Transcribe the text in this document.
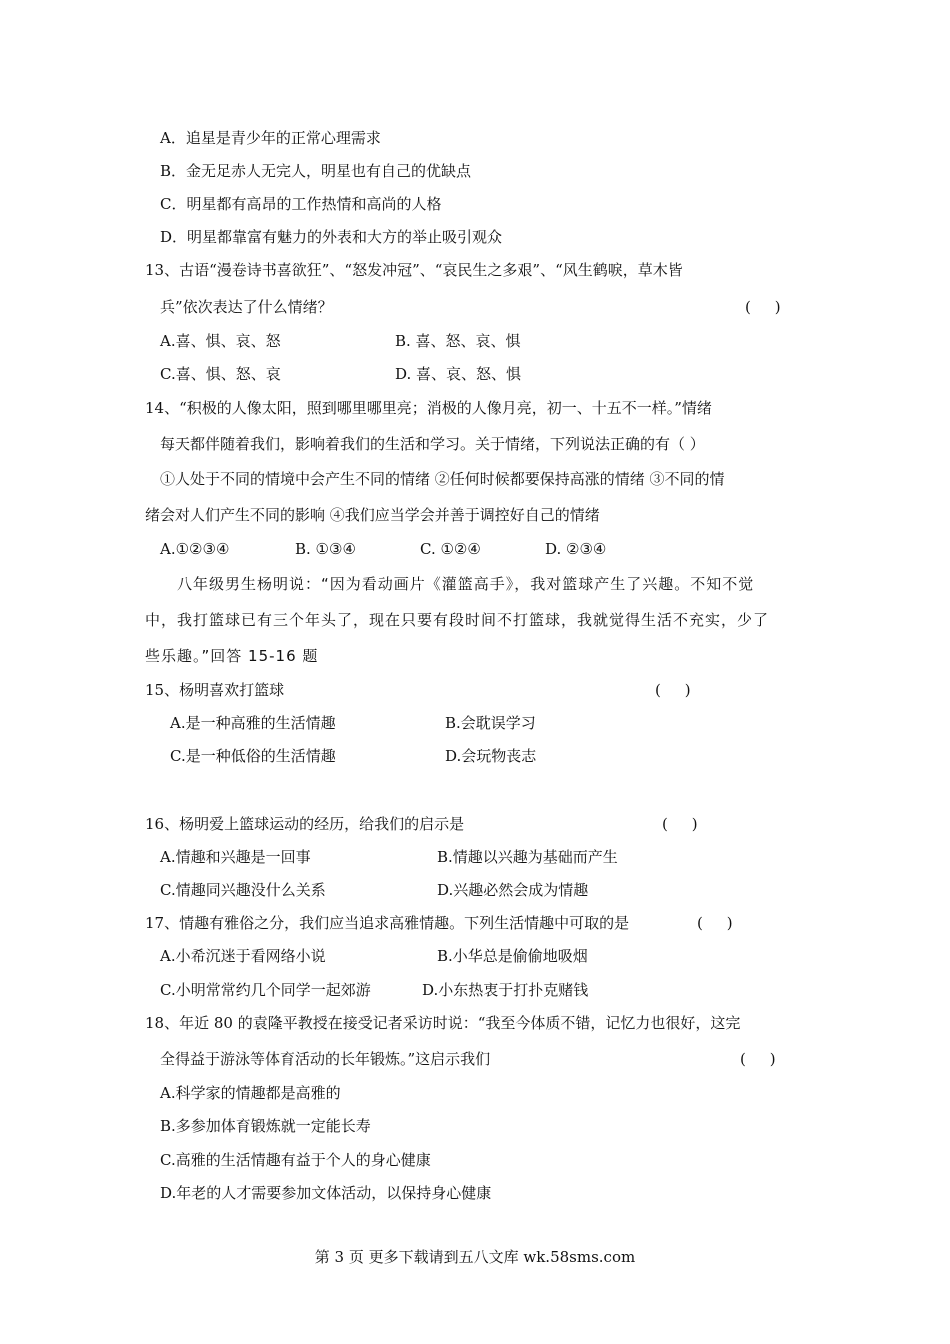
A．追星是青少年的正常心理需求
B．金无足赤人无完人，明星也有自己的优缺点
C．明星都有高昂的工作热情和高尚的人格
D．明星都靠富有魅力的外表和大方的举止吸引观众
13、古语“漫卷诗书喜欲狂”、“怒发冲冠”、“哀民生之多艰”、“风生鹤唳，草木皆
兵”依次表达了什么情绪？	(     )
A.喜、惧、哀、怒	B. 喜、怒、哀、惧
C.喜、惧、怒、哀	D. 喜、哀、怒、惧
14、“积极的人像太阳，照到哪里哪里亮；消极的人像月亮，初一、十五不一样。”情绪
每天都伴随着我们，影响着我们的生活和学习。关于情绪，下列说法正确的有（ ）
①人处于不同的情境中会产生不同的情绪 ②任何时候都要保持高涨的情绪 ③不同的情
绪会对人们产生不同的影响 ④我们应当学会并善于调控好自己的情绪
A.①②③④	B. ①③④	C. ①②④	D. ②③④
八年级男生杨明说：“因为看动画片《灌篮高手》，我对篮球产生了兴趣。不知不觉
中，我打篮球已有三个年头了，现在只要有段时间不打篮球，我就觉得生活不充实，少了
些乐趣。”回答 15-16 题
15、杨明喜欢打篮球	(     )
A.是一种高雅的生活情趣	B.会耽误学习
C.是一种低俗的生活情趣	D.会玩物丧志
16、杨明爱上篮球运动的经历，给我们的启示是	(     )
A.情趣和兴趣是一回事	B.情趣以兴趣为基础而产生
C.情趣同兴趣没什么关系	D.兴趣必然会成为情趣
17、情趣有雅俗之分，我们应当追求高雅情趣。下列生活情趣中可取的是	(     )
A.小希沉迷于看网络小说	B.小华总是偷偷地吸烟
C.小明常常约几个同学一起郊游	D.小东热衷于打扑克赌钱
18、年近 80 的袁隆平教授在接受记者采访时说：“我至今体质不错，记忆力也很好，这完
全得益于游泳等体育活动的长年锻炼。”这启示我们	(     )
A.科学家的情趣都是高雅的
B.多参加体育锻炼就一定能长寿
C.高雅的生活情趣有益于个人的身心健康
D.年老的人才需要参加文体活动，以保持身心健康
第 3 页 更多下载请到五八文库 wk.58sms.com
